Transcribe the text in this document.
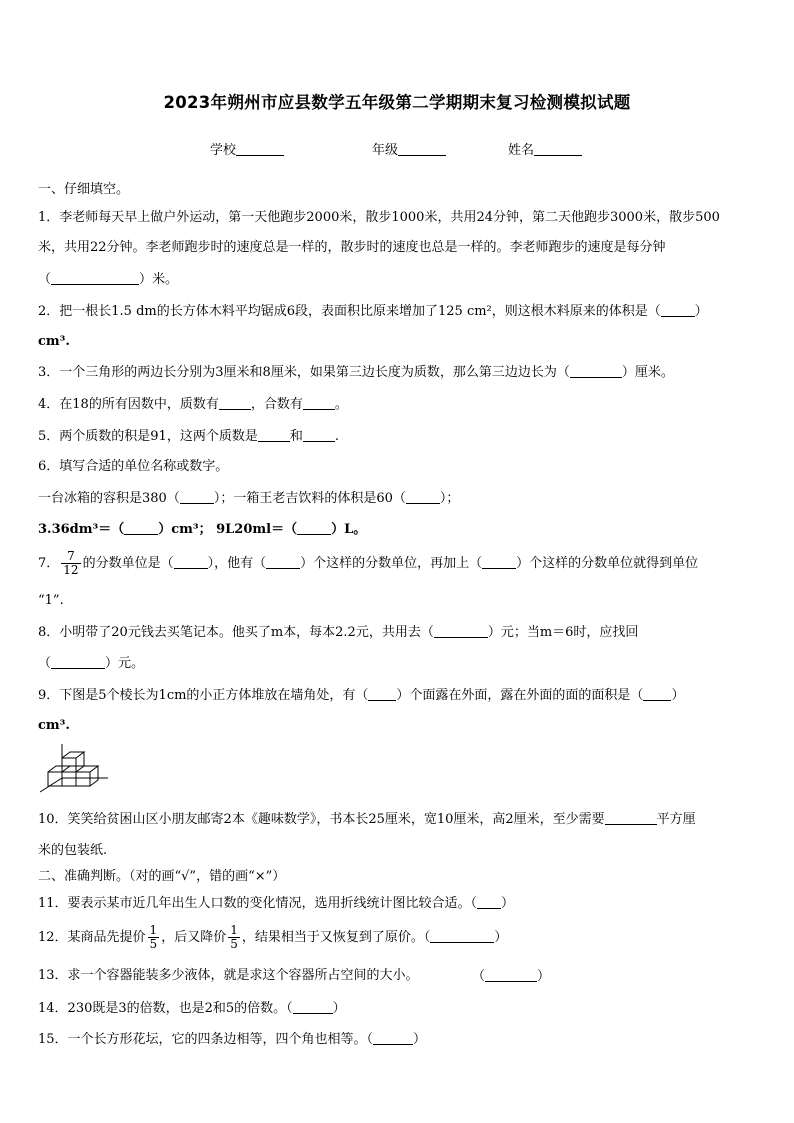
2023年朔州市应县数学五年级第二学期期末复习检测模拟试题
学校	年级	姓名
一、仔细填空。
1．李老师每天早上做户外运动，第一天他跑步2000米，散步1000米，共用24分钟，第二天他跑步3000米，散步500
米，共用22分钟。李老师跑步时的速度总是一样的，散步时的速度也总是一样的。李老师跑步的速度是每分钟
（	）米。
2．把一根长1.5 dm的长方体木料平均锯成6段，表面积比原来增加了125 cm²，则这根木料原来的体积是（	）
cm³.
3．一个三角形的两边长分别为3厘米和8厘米，如果第三边长度为质数，那么第三边边长为（	）厘米。
4．在18的所有因数中，质数有 ，合数有 。
5．两个质数的积是91，这两个质数是 和 .
6．填写合适的单位名称或数字。
一台冰箱的容积是380（	）；一箱王老吉饮料的体积是60（	）；
3.36dm³＝（	）cm³； 9L20ml＝（	）L。
7． $\frac{7}{12}$ 的分数单位是（	），他有（	）个这样的分数单位，再加上（	）个这样的分数单位就得到单位
“1”.
8．小明带了20元钱去买笔记本。他买了m本，每本2.2元，共用去（	）元；当m＝6时，应找回
（	）元。
9．下图是5个棱长为1cm的小正方体堆放在墙角处，有（ ）个面露在外面，露在外面的面的面积是（ ）
cm³.
10．笑笑给贫困山区小朋友邮寄2本《趣味数学》，书本长25厘米，宽10厘米，高2厘米，至少需要	平方厘
米的包装纸.
二、准确判断。（对的画“√”，错的画“×”）
11．要表示某市近几年出生人口数的变化情况，选用折线统计图比较合适。（ ）
12．某商品先提价 $\frac{1}{5}$ ，后又降价 $\frac{1}{5}$ ，结果相当于又恢复到了原价。（	）
13．求一个容器能装多少液体，就是求这个容器所占空间的大小。	（	）
14．230既是3的倍数，也是2和5的倍数。（	）
15．一个长方形花坛，它的四条边相等，四个角也相等。（	）
